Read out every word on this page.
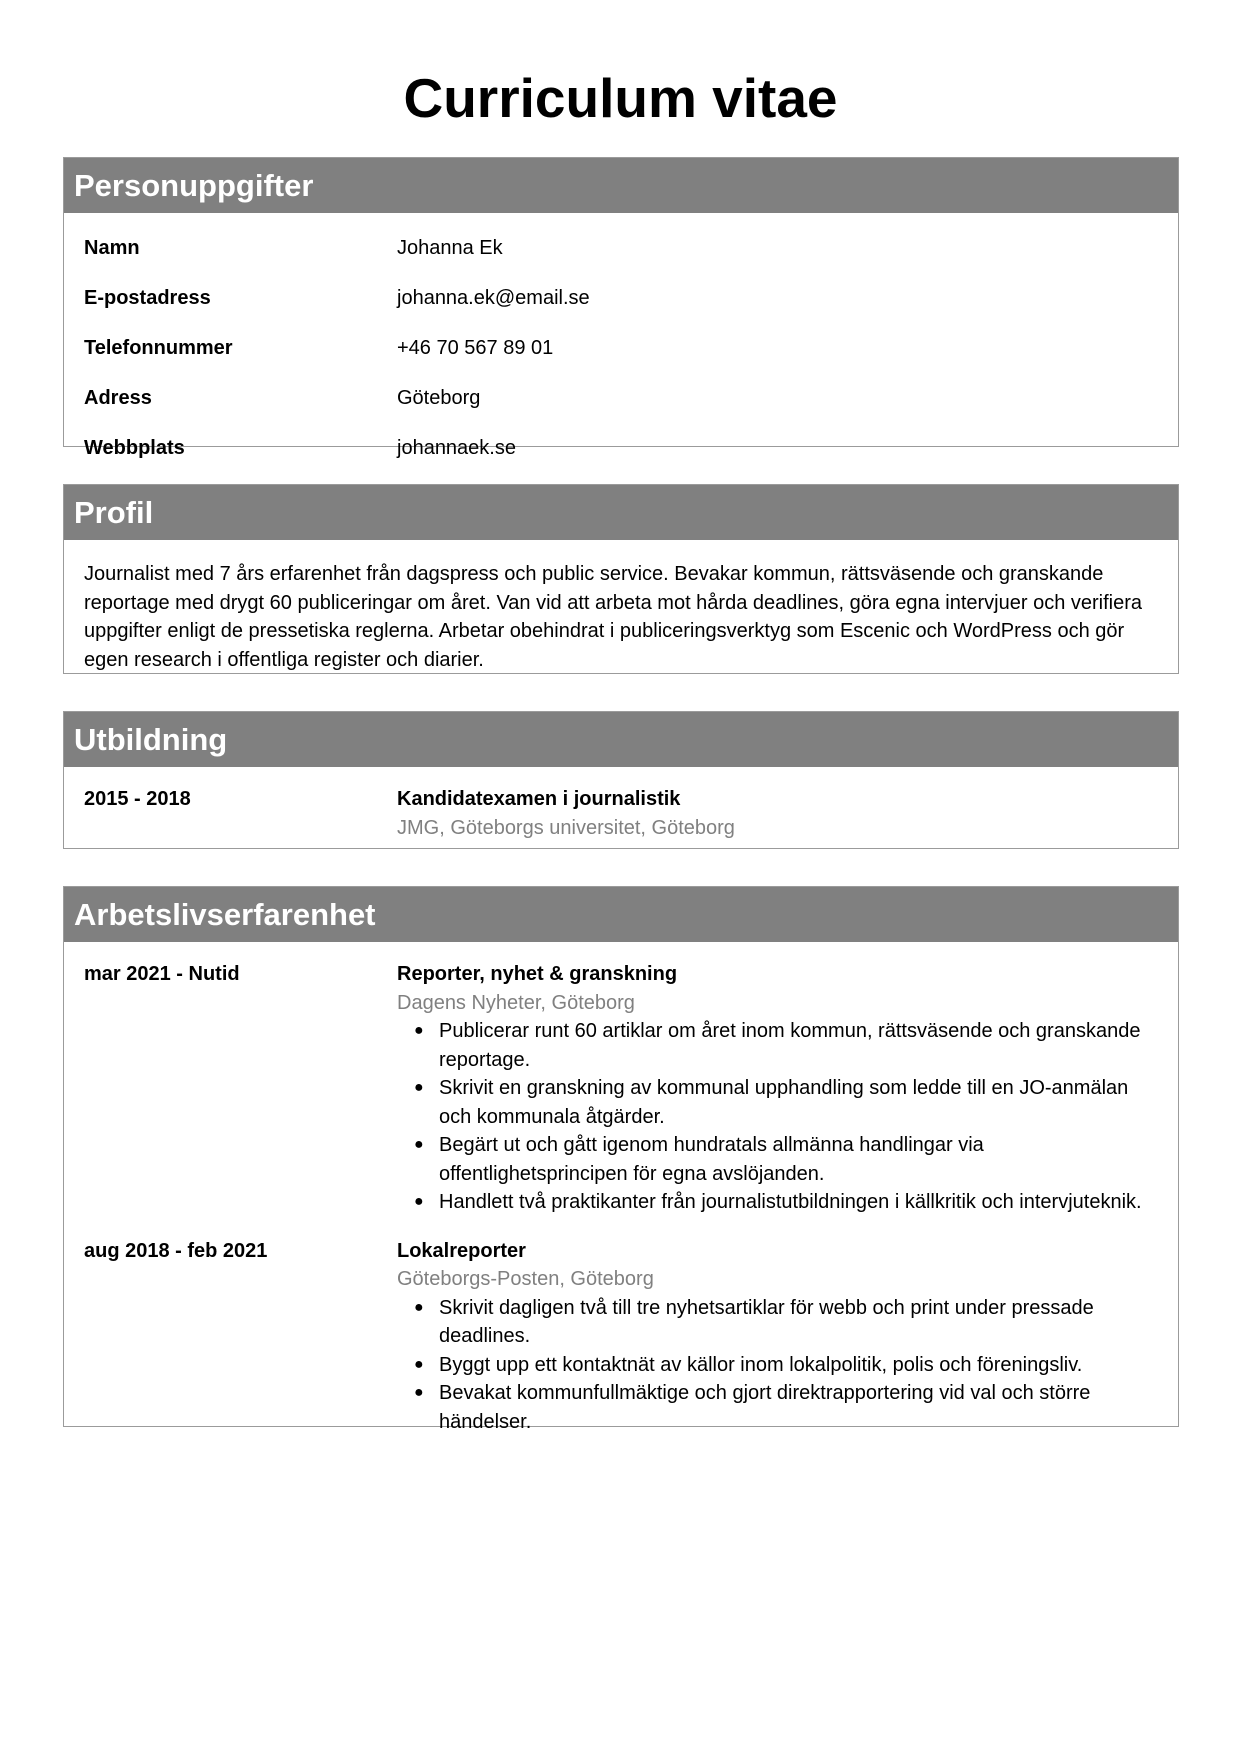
Curriculum vitae
Personuppgifter
Namn	Johanna Ek
E-postadress	johanna.ek@email.se
Telefonnummer	+46 70 567 89 01
Adress	Göteborg
Webbplats	johannaek.se
Profil
Journalist med 7 års erfarenhet från dagspress och public service. Bevakar kommun, rättsväsende och granskande reportage med drygt 60 publiceringar om året. Van vid att arbeta mot hårda deadlines, göra egna intervjuer och verifiera uppgifter enligt de pressetiska reglerna. Arbetar obehindrat i publiceringsverktyg som Escenic och WordPress och gör egen research i offentliga register och diarier.
Utbildning
2015 - 2018	Kandidatexamen i journalistik
JMG, Göteborgs universitet, Göteborg
Arbetslivserfarenhet
mar 2021 - Nutid	Reporter, nyhet & granskning
Dagens Nyheter, Göteborg
● Publicerar runt 60 artiklar om året inom kommun, rättsväsende och granskande reportage.
● Skrivit en granskning av kommunal upphandling som ledde till en JO-anmälan och kommunala åtgärder.
● Begärt ut och gått igenom hundratals allmänna handlingar via offentlighetsprincipen för egna avslöjanden.
● Handlett två praktikanter från journalistutbildningen i källkritik och intervjuteknik.
aug 2018 - feb 2021	Lokalreporter
Göteborgs-Posten, Göteborg
● Skrivit dagligen två till tre nyhetsartiklar för webb och print under pressade deadlines.
● Byggt upp ett kontaktnät av källor inom lokalpolitik, polis och föreningsliv.
● Bevakat kommunfullmäktige och gjort direktrapportering vid val och större händelser.
